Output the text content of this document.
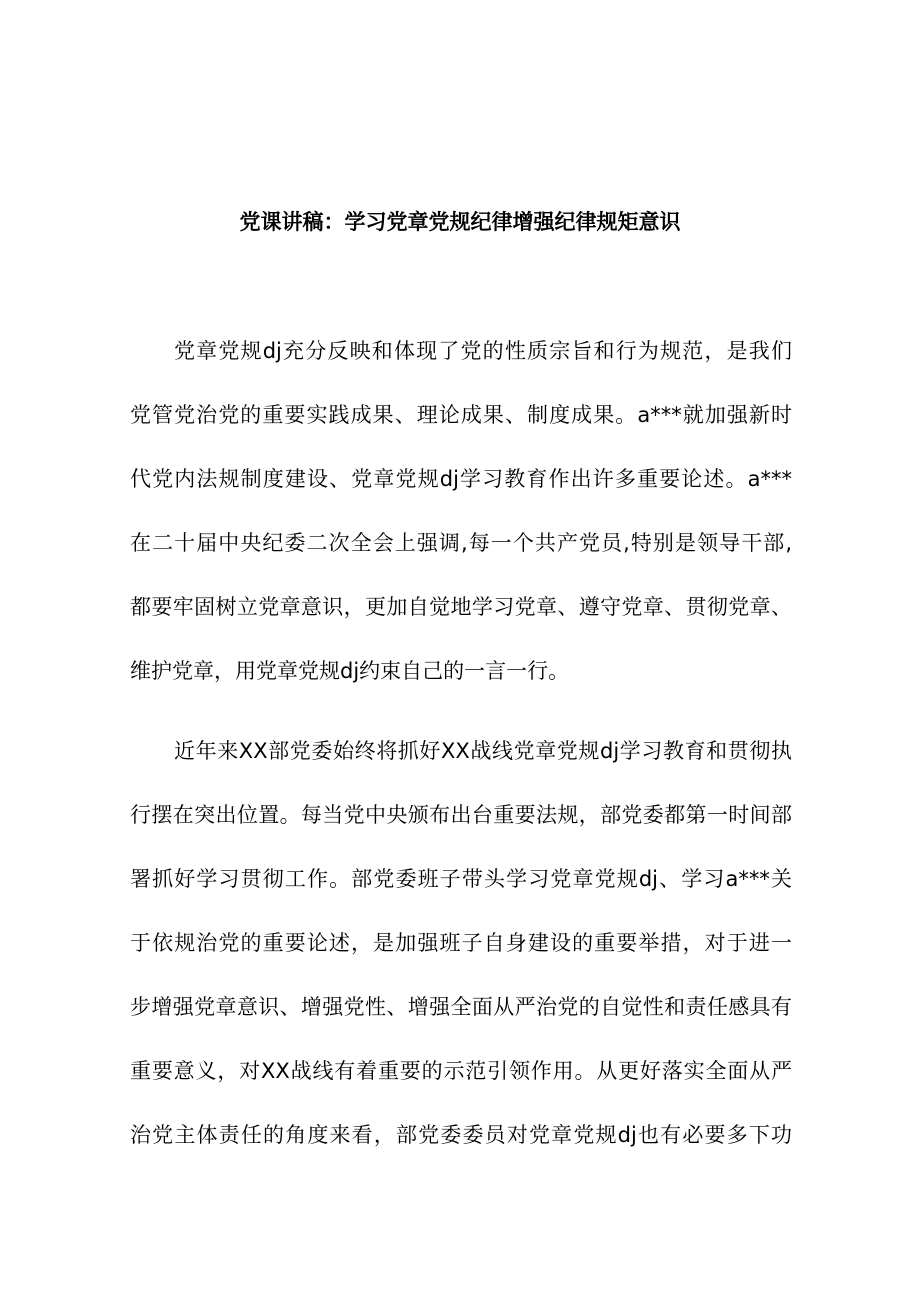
党课讲稿：学习党章党规纪律增强纪律规矩意识
党章党规dj充分反映和体现了党的性质宗旨和行为规范，是我们
党管党治党的重要实践成果、理论成果、制度成果。a***就加强新时
代党内法规制度建设、党章党规dj学习教育作出许多重要论述。a***
在二十届中央纪委二次全会上强调,每一个共产党员,特别是领导干部,
都要牢固树立党章意识，更加自觉地学习党章、遵守党章、贯彻党章、
维护党章，用党章党规dj约束自己的一言一行。
近年来XX部党委始终将抓好XX战线党章党规dj学习教育和贯彻执
行摆在突出位置。每当党中央颁布出台重要法规，部党委都第一时间部
署抓好学习贯彻工作。部党委班子带头学习党章党规dj、学习a***关
于依规治党的重要论述，是加强班子自身建设的重要举措，对于进一
步增强党章意识、增强党性、增强全面从严治党的自觉性和责任感具有
重要意义，对XX战线有着重要的示范引领作用。从更好落实全面从严
治党主体责任的角度来看，部党委委员对党章党规dj也有必要多下功
